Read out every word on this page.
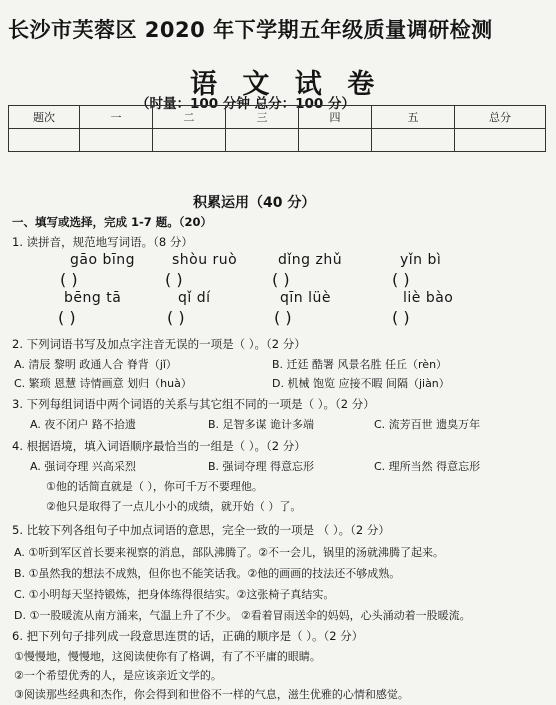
长沙市芙蓉区 2020 年下学期五年级质量调研检测
语 文 试 卷
（时量：100 分钟 总分：100 分）
题次	一	二	三	四	五	总分

积累运用（40 分）
一、填写或选择，完成 1-7 题。（20）
1. 读拼音，规范地写词语。（8 分）
gāo bīng	shòu ruò	dǐng zhǔ	yǐn bì
( )	( )	( )	( )
bēng tā	qǐ dí	qīn lüè	liè bào
( )	( )	( )	( )
2. 下列词语书写及加点字注音无误的一项是（ ）。（2 分）
A. 清辰 黎明 政通人合 脊背（jǐ）	B. 迁廷 酷署 风景名胜 任丘（rèn）
C. 繁琐 恩慧 诗情画意 划归（huà）	D. 机械 饱览 应接不暇 间隔（jiàn）
3. 下列每组词语中两个词语的关系与其它组不同的一项是（ ）。（2 分）
A. 夜不闭户 路不拾遗	B. 足智多谋 诡计多端	C. 流芳百世 遗臭万年
4. 根据语境，填入词语顺序最恰当的一组是（ ）。（2 分）
A. 强词夺理 兴高采烈	B. 强词夺理 得意忘形	C. 理所当然 得意忘形
①他的话简直就是（ ），你可千万不要理他。
②他只是取得了一点儿小小的成绩，就开始（ ）了。
5. 比较下列各组句子中加点词语的意思，完全一致的一项是 （ ）。（2 分）
A. ①听到军区首长要来视察的消息，部队沸腾了。②不一会儿，锅里的汤就沸腾了起来。
B. ①虽然我的想法不成熟，但你也不能笑话我。②他的画画的技法还不够成熟。
C. ①小明每天坚持锻炼，把身体练得很结实。②这张椅子真结实。
D. ①一股暖流从南方涌来，气温上升了不少。 ②看着冒雨送伞的妈妈，心头涌动着一股暖流。
6. 把下列句子排列成一段意思连贯的话，正确的顺序是（ ）。（2 分）
①慢慢地，慢慢地，这阅读使你有了格调，有了不平庸的眼睛。
②一个希望优秀的人，是应该亲近文学的。
③阅读那些经典和杰作，你会得到和世俗不一样的气息，滋生优雅的心情和感觉。
